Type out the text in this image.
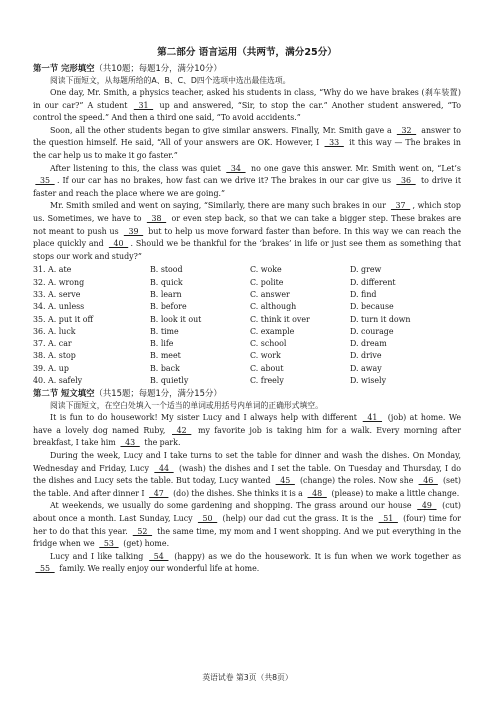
第二部分 语言运用（共两节，满分25分）
第一节 完形填空（共10题；每题1分，满分10分）
阅读下面短文，从每题所给的A、B、C、D四个选项中选出最佳选项。

One day, Mr. Smith, a physics teacher, asked his students in class, “Why do we have brakes (刹车装置) in our car?” A student   31   up and answered, “Sir, to stop the car.” Another student answered, “To control the speed.” And then a third one said, “To avoid accidents.”

Soon, all the other students began to give similar answers. Finally, Mr. Smith gave a   32   answer to the question himself. He said, “All of your answers are OK. However, I   33   it this way — The brakes in the car help us to make it go faster.”

After listening to this, the class was quiet   34   no one gave this answer. Mr. Smith went on, “Let’s   35  . If our car has no brakes, how fast can we drive it? The brakes in our car give us   36   to drive it faster and reach the place where we are going.”

Mr. Smith smiled and went on saying, “Similarly, there are many such brakes in our   37  , which stop us. Sometimes, we have to   38   or even step back, so that we can take a bigger step. These brakes are not meant to push us   39   but to help us move forward faster than before. In this way we can reach the place quickly and   40  . Should we be thankful for the ‘brakes’ in life or just see them as something that stops our work and study?”

31. A. ate	B. stood	C. woke	D. grew
32. A. wrong	B. quick	C. polite	D. different
33. A. serve	B. learn	C. answer	D. find
34. A. unless	B. before	C. although	D. because
35. A. put it off	B. look it out	C. think it over	D. turn it down
36. A. luck	B. time	C. example	D. courage
37. A. car	B. life	C. school	D. dream
38. A. stop	B. meet	C. work	D. drive
39. A. up	B. back	C. about	D. away
40. A. safely	B. quietly	C. freely	D. wisely
第二节 短文填空（共15题；每题1分，满分15分）
阅读下面短文，在空白处填入一个适当的单词或用括号内单词的正确形式填空。

It is fun to do housework! My sister Lucy and I always help with different   41   (job) at home. We have a lovely dog named Ruby,   42   my favorite job is taking him for a walk. Every morning after breakfast, I take him   43   the park.

During the week, Lucy and I take turns to set the table for dinner and wash the dishes. On Monday, Wednesday and Friday, Lucy   44   (wash) the dishes and I set the table. On Tuesday and Thursday, I do the dishes and Lucy sets the table. But today, Lucy wanted   45   (change) the roles. Now she   46   (set) the table. And after dinner I   47   (do) the dishes. She thinks it is a   48   (please) to make a little change.

At weekends, we usually do some gardening and shopping. The grass around our house   49   (cut) about once a month. Last Sunday, Lucy   50   (help) our dad cut the grass. It is the   51   (four) time for her to do that this year.   52   the same time, my mom and I went shopping. And we put everything in the fridge when we   53   (get) home.

Lucy and I like talking   54   (happy) as we do the housework. It is fun when we work together as   55   family. We really enjoy our wonderful life at home.

英语试卷 第3页（共8页）
